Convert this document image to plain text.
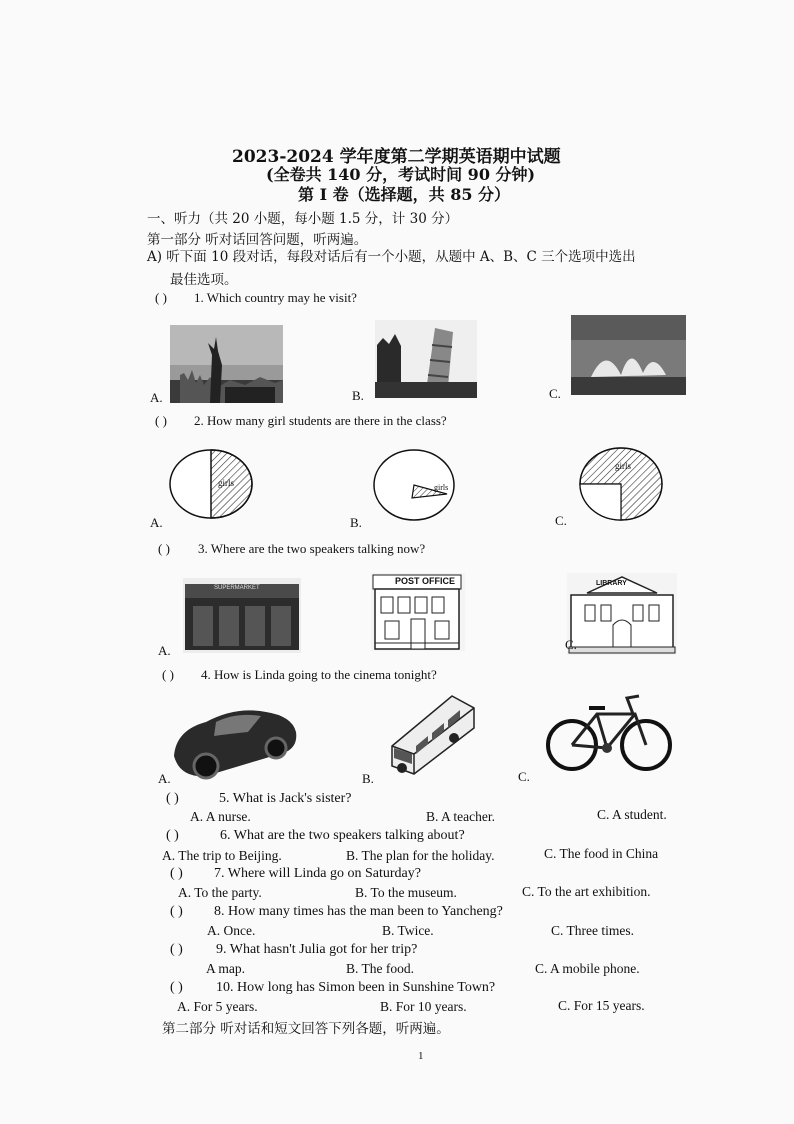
2023-2024 学年度第二学期英语期中试题
(全卷共 140 分，考试时间 90 分钟)
第 I 卷（选择题，共 85 分）
一、听力（共 20 小题，每小题 1.5 分，计 30 分）
第一部分 听对话回答问题，听两遍。
A) 听下面 10 段对话，每段对话后有一个小题，从题中 A、B、C 三个选项中选出
最佳选项。
( ) 1. Which country may he visit?
A.	B.	C.
( ) 2. How many girl students are there in the class?
A.
girls
B.
girls
C.
girls
( ) 3. Where are the two speakers talking now?
SUPERMARKET
A.
POST OFFICE	LIBRARY
C.
( ) 4. How is Linda going to the cinema tonight?
A.	B.	C.
( )	5. What is Jack's sister?
A. A nurse.	B. A teacher.	C. A student.
( )	6. What are the two speakers talking about?
A. The trip to Beijing.	B. The plan for the holiday.	C. The food in China
( ) 7. Where will Linda go on Saturday?
A. To the party.	B. To the museum.	C. To the art exhibition.
( ) 8. How many times has the man been to Yancheng?
A. Once.	B. Twice.	C. Three times.
( ) 9. What hasn't Julia got for her trip?
A map.	B. The food.	C. A mobile phone.
( ) 10. How long has Simon been in Sunshine Town?
A. For 5 years.	B. For 10 years.	C. For 15 years.
第二部分 听对话和短文回答下列各题，听两遍。
1
